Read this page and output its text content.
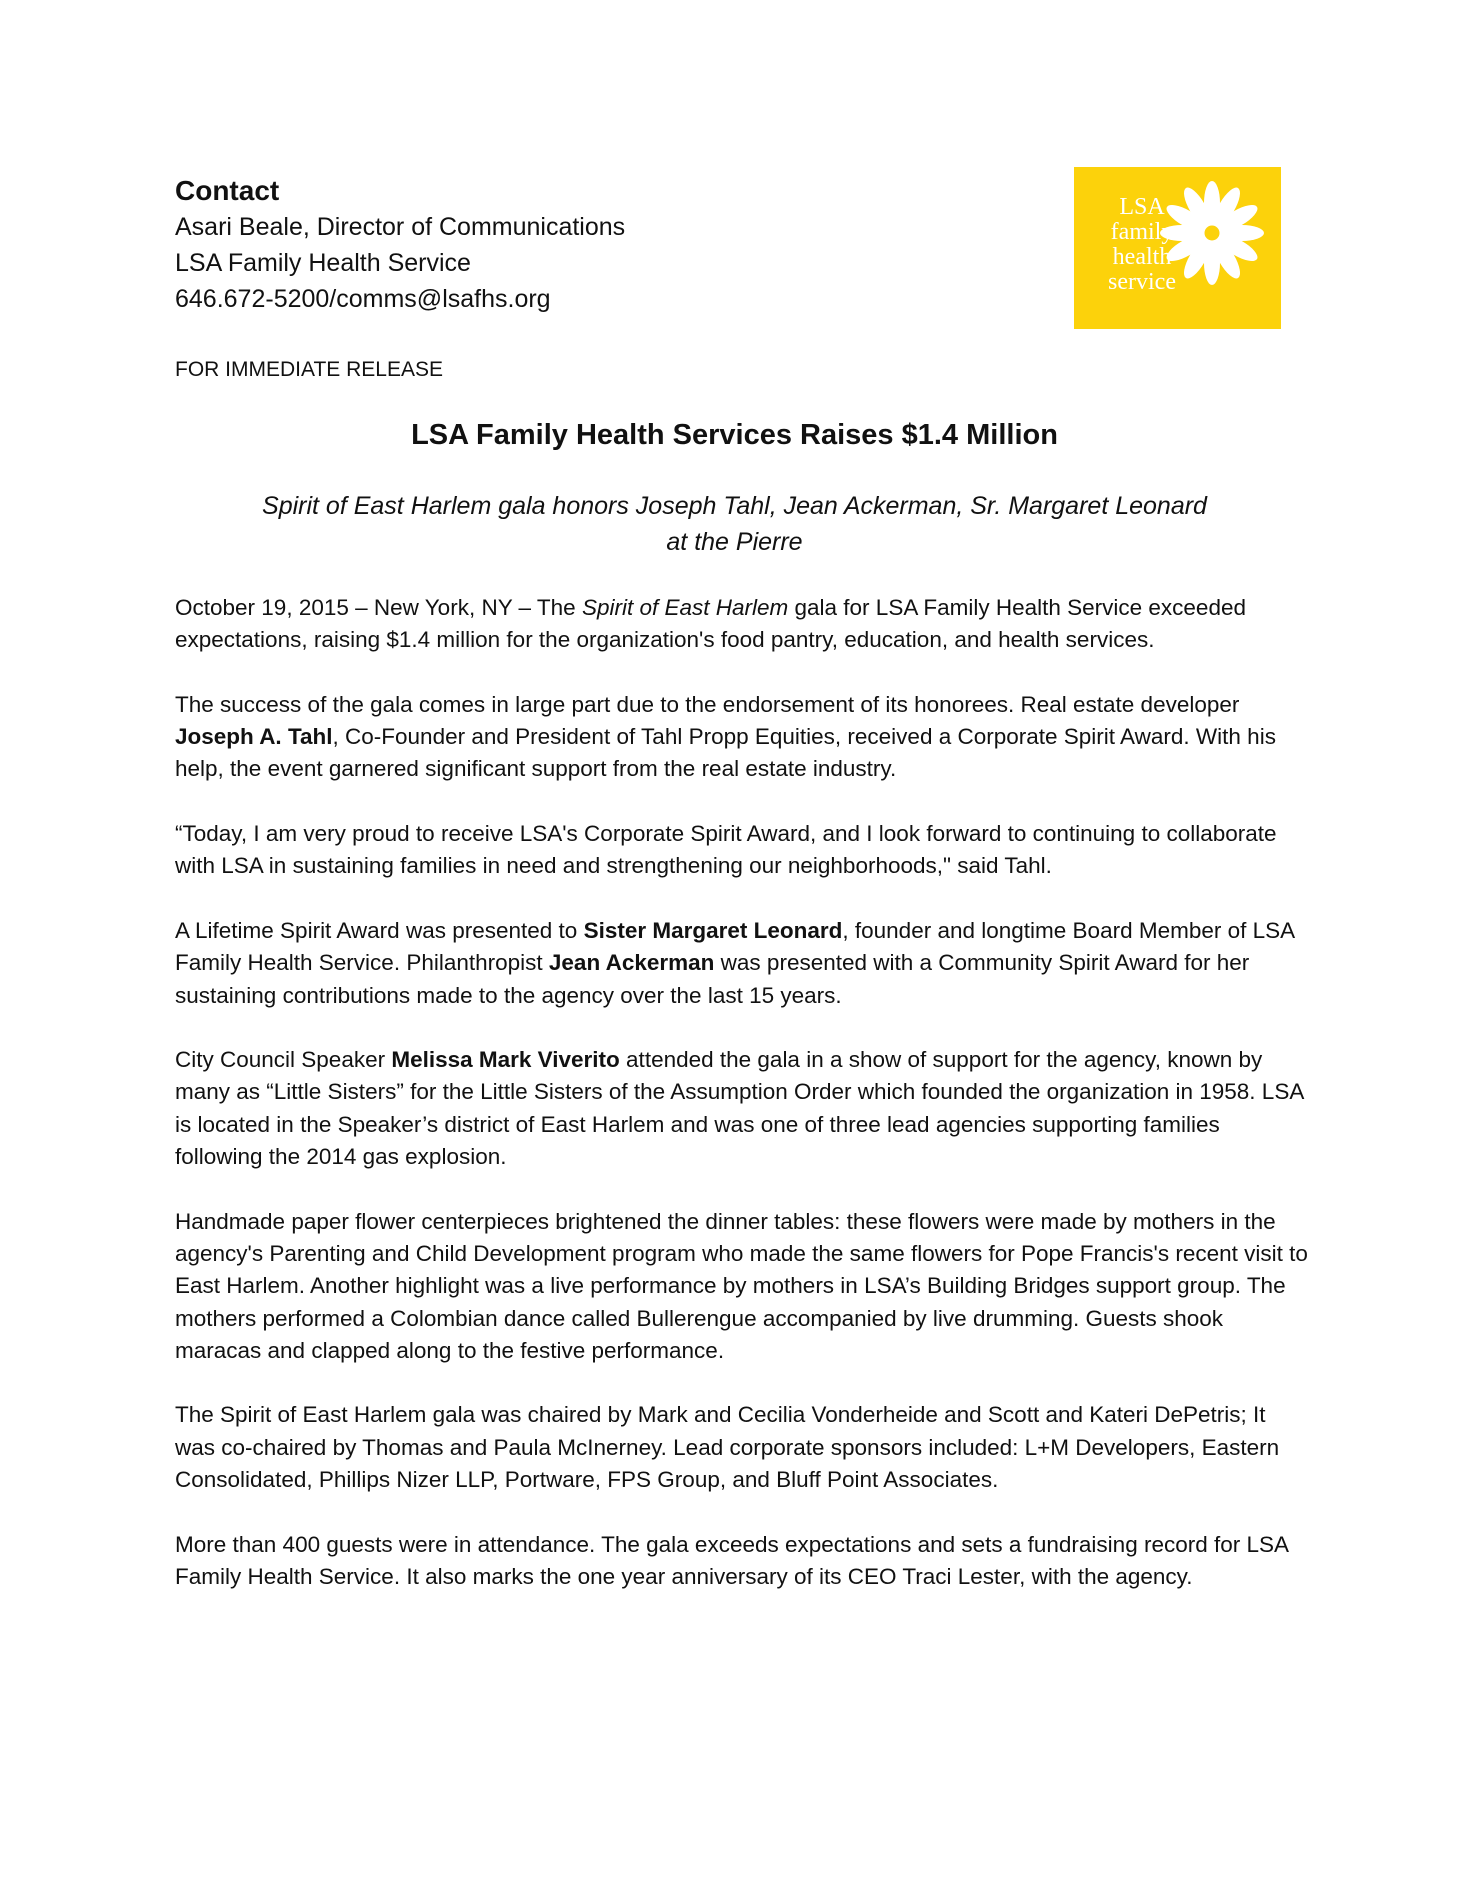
Contact
Asari Beale, Director of Communications
LSA Family Health Service
646.672-5200/comms@lsafhs.org
FOR IMMEDIATE RELEASE
LSA
family
health
service
LSA Family Health Services Raises $1.4 Million
Spirit of East Harlem gala honors Joseph Tahl, Jean Ackerman, Sr. Margaret Leonard
at the Pierre

October 19, 2015 – New York, NY – The Spirit of East Harlem gala for LSA Family Health Service exceeded expectations, raising $1.4 million for the organization's food pantry, education, and health services.

The success of the gala comes in large part due to the endorsement of its honorees. Real estate developer Joseph A. Tahl, Co-Founder and President of Tahl Propp Equities, received a Corporate Spirit Award. With his help, the event garnered significant support from the real estate industry.

“Today, I am very proud to receive LSA's Corporate Spirit Award, and I look forward to continuing to collaborate with LSA in sustaining families in need and strengthening our neighborhoods," said Tahl.

A Lifetime Spirit Award was presented to Sister Margaret Leonard, founder and longtime Board Member of LSA Family Health Service. Philanthropist Jean Ackerman was presented with a Community Spirit Award for her sustaining contributions made to the agency over the last 15 years.

City Council Speaker Melissa Mark Viverito attended the gala in a show of support for the agency, known by many as “Little Sisters” for the Little Sisters of the Assumption Order which founded the organization in 1958. LSA is located in the Speaker’s district of East Harlem and was one of three lead agencies supporting families following the 2014 gas explosion.

Handmade paper flower centerpieces brightened the dinner tables: these flowers were made by mothers in the agency's Parenting and Child Development program who made the same flowers for Pope Francis's recent visit to East Harlem. Another highlight was a live performance by mothers in LSA’s Building Bridges support group. The mothers performed a Colombian dance called Bullerengue accompanied by live drumming. Guests shook maracas and clapped along to the festive performance.

The Spirit of East Harlem gala was chaired by Mark and Cecilia Vonderheide and Scott and Kateri DePetris; It was co-chaired by Thomas and Paula McInerney. Lead corporate sponsors included: L+M Developers, Eastern Consolidated, Phillips Nizer LLP, Portware, FPS Group, and Bluff Point Associates.

More than 400 guests were in attendance. The gala exceeds expectations and sets a fundraising record for LSA Family Health Service. It also marks the one year anniversary of its CEO Traci Lester, with the agency.
